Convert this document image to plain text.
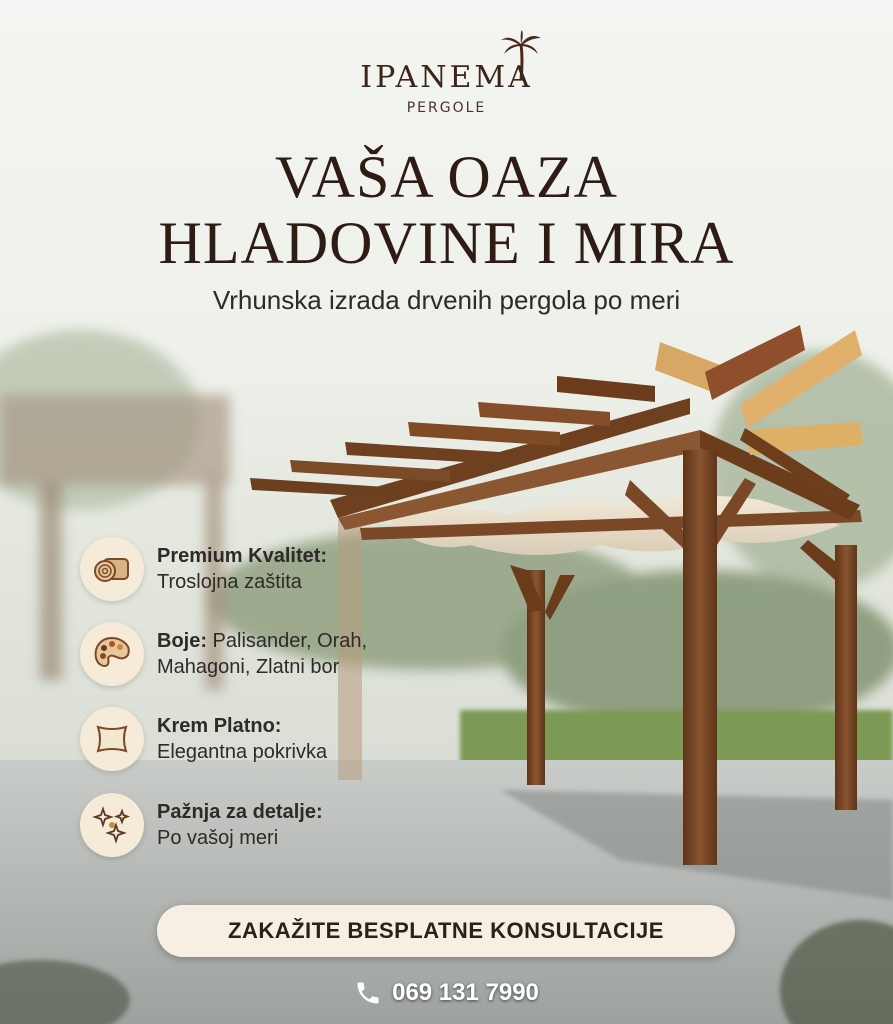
IPANEMA
PERGOLE
VAŠA OAZA
HLADOVINE I MIRA
Vrhunska izrada drvenih pergola po meri
Premium Kvalitet:
Troslojna zaštita
Boje: Palisander, Orah,
Mahagoni, Zlatni bor
Krem Platno:
Elegantna pokrivka
Pažnja za detalje:
Po vašoj meri
ZAKAŽITE BESPLATNE KONSULTACIJE
069 131 7990
